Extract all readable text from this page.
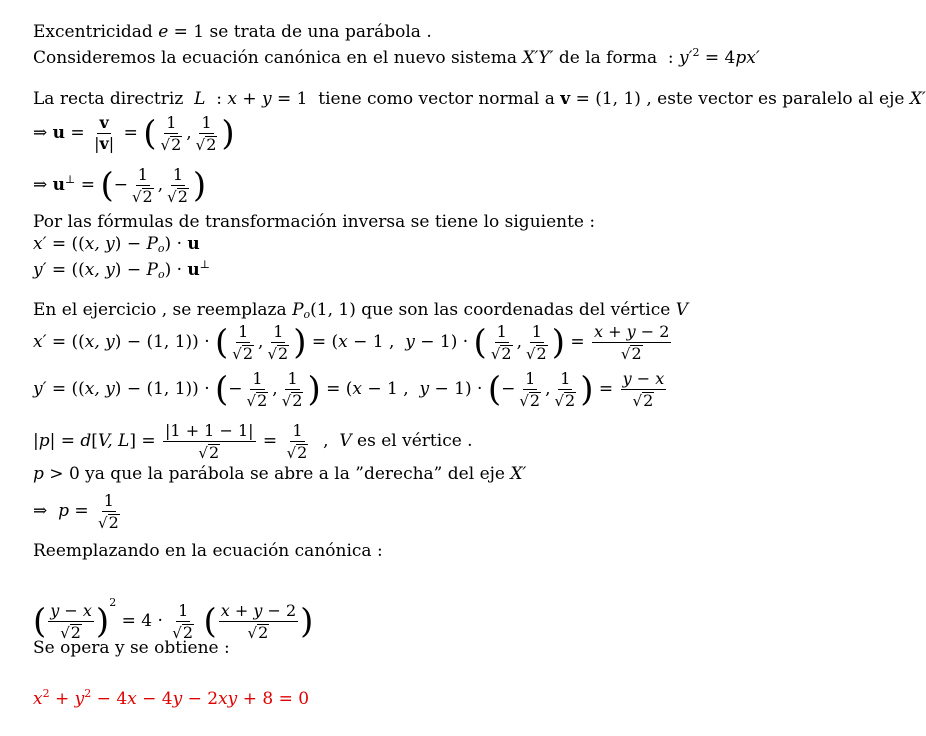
Excentricidad e = 1 se trata de una parábola .
Consideremos la ecuación canónica en el nuevo sistema X′Y′ de la forma  : $y'^2 = 4px'$
La recta directriz  L  : x + y = 1  tiene como vector normal a v = (1, 1) , este vector es paralelo al eje X′
⇒ $u = \frac{v}{|v|}$ = ( $\frac{1}{√ 2}$ , $\frac{1}{√ 2}$ )
⇒ u⊥ = (− $\frac{1}{√ 2}$ , $\frac{1}{√ 2}$ )
Por las fórmulas de transformación inversa se tiene lo siguiente :
x′ = ((x, $y) - P_o) \cdot u$
y′ = ((x, $y) - P_o) \cdot u^\perp$
En el ejercicio , se reemplaza $P_o(1$, 1) que son las coordenadas del vértice V
x′ = ((x, y) − (1, 1)) · ( $\frac{1}{√ 2}$ , $\frac{1}{√ 2}$ ) = (x − 1 ,  y − 1) · ( $\frac{1}{√ 2}$ , $\frac{1}{√ 2}$ ) = $\frac{x + y - 2}{√ 2}$
y′ = ((x, y) − (1, 1)) · (− $\frac{1}{√ 2}$ , $\frac{1}{√ 2}$ ) = (x − 1 ,  y − 1) · (− $\frac{1}{√ 2}$ , $\frac{1}{√ 2}$ ) = $\frac{y - x}{√ 2}$
|p| = d[V, $L] = \frac{|1 + 1 - 1|}{√ 2} = \frac{1}{√ 2}$ ,  V es el vértice .
p > 0 ya que la parábola se abre a la ”derecha” del eje X′
⇒  $p = \frac{1}{√ 2}$
Reemplazando en la ecuación canónica :
( $\frac{y - x}{√ 2} )^2 = 4 \cdot \frac{1}{√ 2}$ ( $\frac{x + y - 2}{√ 2}$ )
Se opera y se obtiene :
$x^2 + y^2 - 4x - 4y - 2xy + 8 = 0$
